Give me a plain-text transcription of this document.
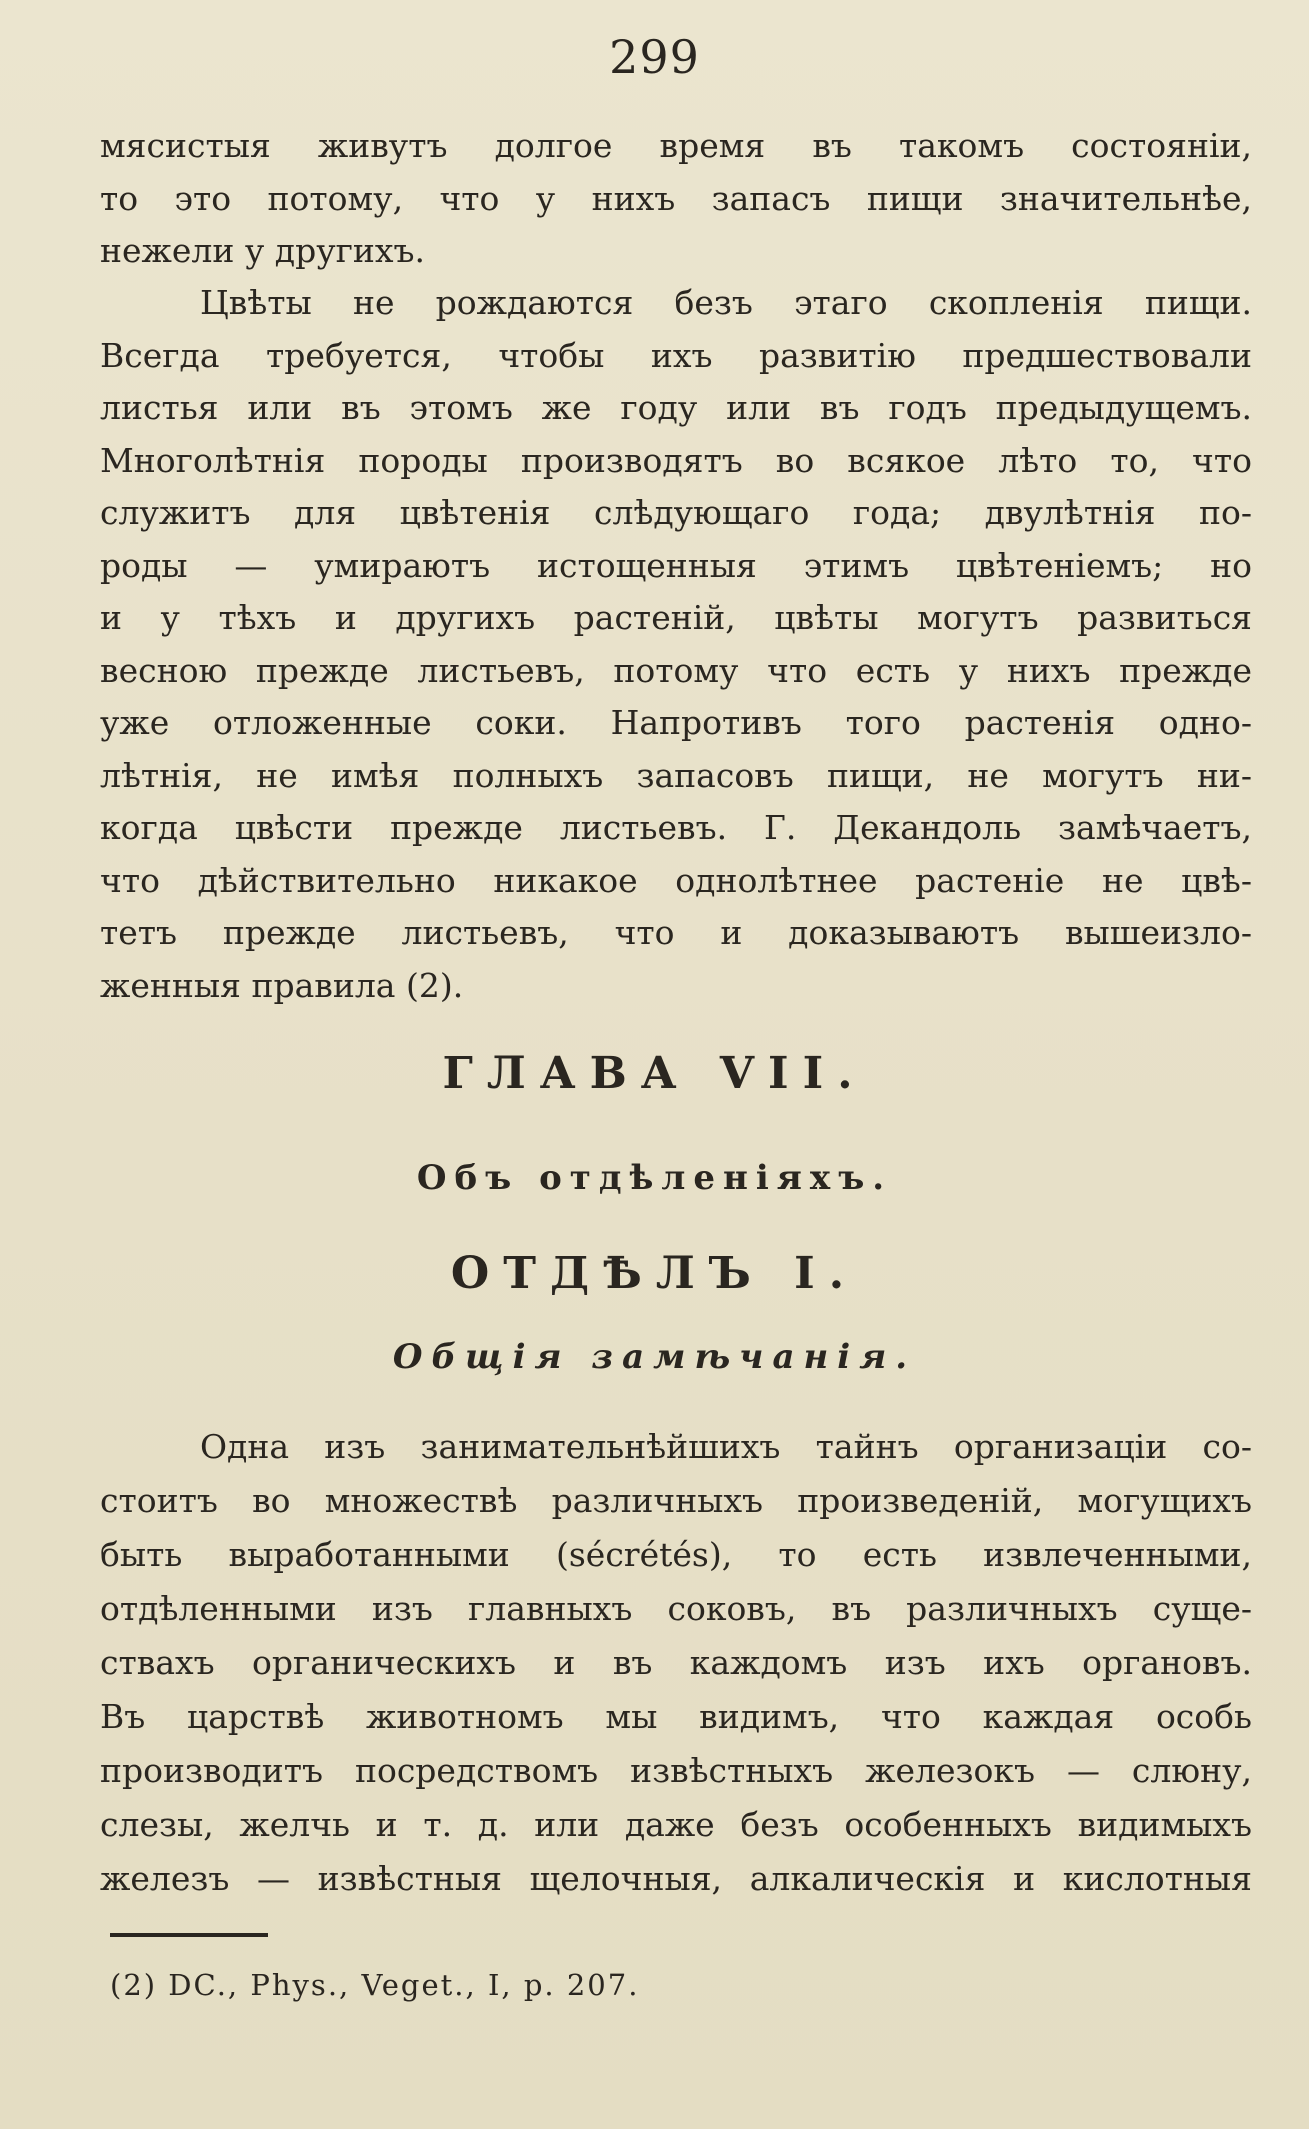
299
мясистыя живутъ долгое время въ такомъ состояніи,
то это потому, что у нихъ запасъ пищи значительнѣе,
нежели у другихъ.
Цвѣты не рождаются безъ этаго скопленія пищи.
Всегда требуется, чтобы ихъ развитію предшествовали
листья или въ этомъ же году или въ годъ предыдущемъ.
Многолѣтнія породы производятъ во всякое лѣто то, что
служитъ для цвѣтенія слѣдующаго года; двулѣтнія по-
роды — умираютъ истощенныя этимъ цвѣтеніемъ; но
и у тѣхъ и другихъ растеній, цвѣты могутъ развиться
весною прежде листьевъ, потому что есть у нихъ прежде
уже отложенные соки. Напротивъ того растенія одно-
лѣтнія, не имѣя полныхъ запасовъ пищи, не могутъ ни-
когда цвѣсти прежде листьевъ. Г. Декандоль замѣчаетъ,
что дѣйствительно никакое однолѣтнее растеніе не цвѣ-
тетъ прежде листьевъ, что и доказываютъ вышеизло-
женныя правила (2).
ГЛАВА VII.
Объ отдѣленіяхъ.
ОТДѢЛЪ I.
Общія замѣчанія.
Одна изъ занимательнѣйшихъ тайнъ организаціи со-
стоитъ во множествѣ различныхъ произведеній, могущихъ
быть выработанными (sécrétés), то есть извлеченными,
отдѣленными изъ главныхъ соковъ, въ различныхъ суще-
ствахъ органическихъ и въ каждомъ изъ ихъ органовъ.
Въ царствѣ животномъ мы видимъ, что каждая особь
производитъ посредствомъ извѣстныхъ железокъ — слюну,
слезы, желчь и т. д. или даже безъ особенныхъ видимыхъ
железъ — извѣстныя щелочныя, алкалическія и кислотныя
(2) DC., Phys., Veget., I, p. 207.
